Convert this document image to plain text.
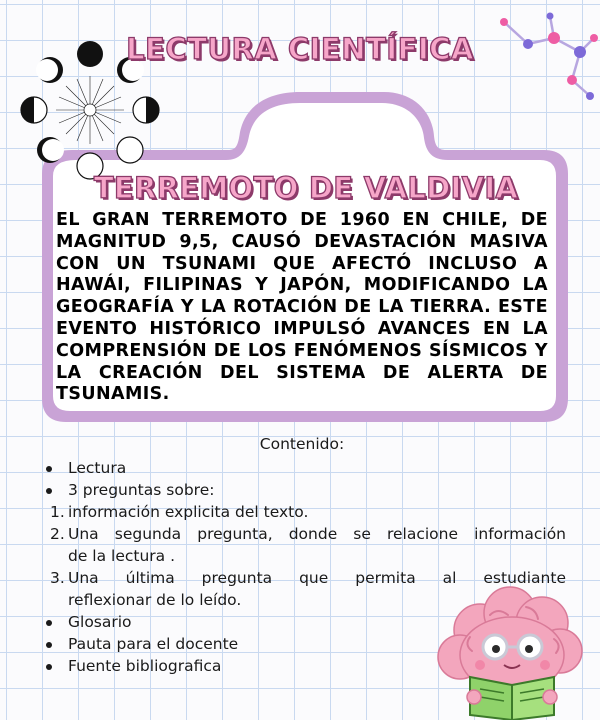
LECTURA CIENTÍFICA
TERREMOTO DE VALDIVIA
EL GRAN TERREMOTO DE 1960 EN CHILE, DE MAGNITUD 9,5, CAUSÓ DEVASTACIÓN MASIVA CON UN TSUNAMI QUE AFECTÓ INCLUSO A HAWÁI, FILIPINAS Y JAPÓN, MODIFICANDO LA GEOGRAFÍA Y LA ROTACIÓN DE LA TIERRA. ESTE EVENTO HISTÓRICO IMPULSÓ AVANCES EN LA COMPRENSIÓN DE LOS FENÓMENOS SÍSMICOS Y LA CREACIÓN DEL SISTEMA DE ALERTA DE TSUNAMIS.
Contenido:
Lectura
3 preguntas sobre:
1. información explicita del texto.
2. Una segunda pregunta, donde se relacione información
de la lectura .
3. Una última pregunta que permita al estudiante
reflexionar de lo leído.
Glosario
Pauta para el docente
Fuente bibliografica
